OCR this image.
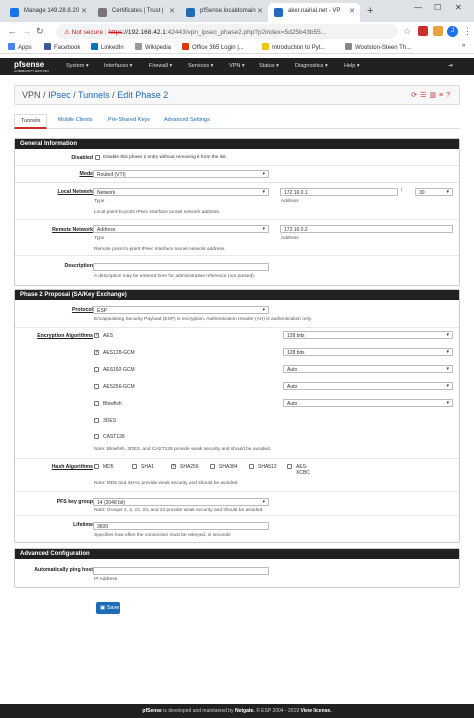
Manage 149.28.8.20 ✕	Certificates | Trust | ✕	pfSense.localdomain ✕	aker.nairial.net - VP ✕ +	— ☐ ✕
← → ↻	⚠ Not secure | https://192.168.42.1:42443/vpn_ipsec_phase2.php?p2index=5d25b43b55...	☆	J	⋮
Apps	Facebook	LinkedIn	Wikipedia	Office 365 Login |...	Introduction to Pyt...	Woolston-Steen Th...	»
pfsense
COMMUNITY EDITION
System ▾	Interfaces ▾	Firewall ▾	Services ▾	VPN ▾	Status ▾	Diagnostics ▾	Help ▾	⇥
VPN / IPsec / Tunnels / Edit Phase 2	⟳☰▥≡?
Tunnels	Mobile Clients	Pre-Shared Keys	Advanced Settings
General Information
Disabled Disable this phase 2 entry without removing it from the list.
Mode Routed (VTI) ▾
Local Network Network ▾
Type
172.16.0.1	/	30 ▾
Address
Local point-to-point IPsec interface tunnel network address.
Remote Network Address ▾
Type
172.16.0.2
Address
Remote point-to-point IPsec interface tunnel network address.
Description
A description may be entered here for administrative reference (not parsed).
Phase 2 Proposal (SA/Key Exchange)
Protocol ESP ▾
Encapsulating Security Payload (ESP) is encryption, Authentication Header (AH) is authentication only.
Encryption Algorithms ✓ AES	128 bits ▾
✓
AES128-GCM	128 bits ▾
AES192-GCM	Auto ▾
AES256-GCM	Auto ▾
Blowfish	Auto ▾
3DES
CAST128
Note: Blowfish, 3DES, and CAST128 provide weak security and should be avoided.
Hash Algorithms MD5	SHA1 ✓	SHA256	SHA384	SHA512	AES-XCBC
Note: MD5 and SHA1 provide weak security and should be avoided.
PFS key group 14 (2048 bit) ▾
Note: Groups 1, 2, 22, 23, and 24 provide weak security and should be avoided.
Lifetime 3600
Specifies how often the connection must be rekeyed, in seconds
Advanced Configuration
Automatically ping host
IP Address
▣ Save
pfSense is developed and maintained by Netgate. © ESP 2004 - 2019 View license.
